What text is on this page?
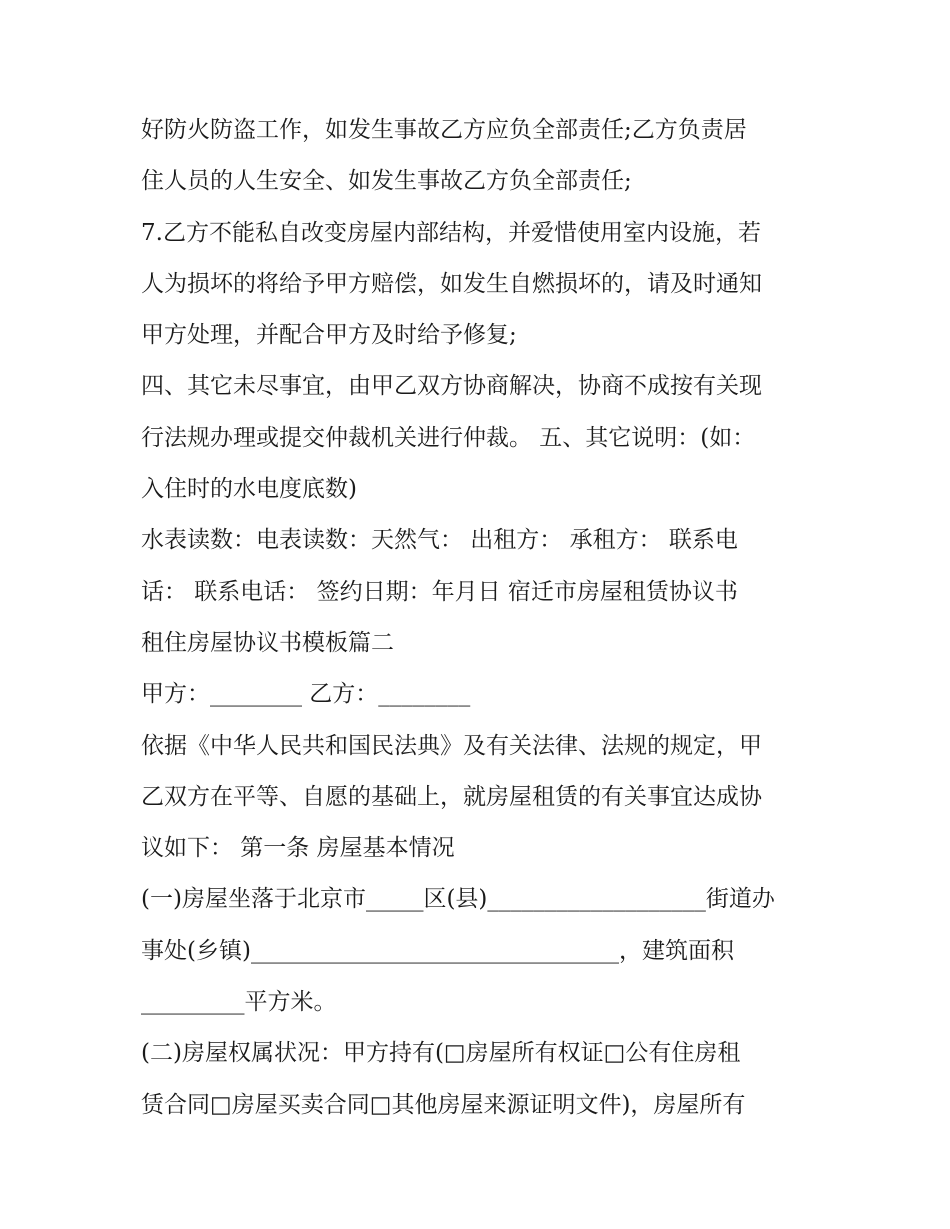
好防火防盗工作，如发生事故乙方应负全部责任;乙方负责居
住人员的人生安全、如发生事故乙方负全部责任;
7.乙方不能私自改变房屋内部结构，并爱惜使用室内设施，若
人为损坏的将给予甲方赔偿，如发生自燃损坏的，请及时通知
甲方处理，并配合甲方及时给予修复;
四、其它未尽事宜，由甲乙双方协商解决，协商不成按有关现
行法规办理或提交仲裁机关进行仲裁。 五、其它说明：(如：
入住时的水电度底数)
水表读数：电表读数：天然气： 出租方： 承租方： 联系电
话： 联系电话： 签约日期：年月日 宿迁市房屋租赁协议书
租住房屋协议书模板篇二
甲方：________ 乙方：________
依据《中华人民共和国民法典》及有关法律、法规的规定，甲
乙双方在平等、自愿的基础上，就房屋租赁的有关事宜达成协
议如下： 第一条 房屋基本情况
(一)房屋坐落于北京市_____区(县)___________________街道办
事处(乡镇)________________________________，建筑面积
_________平方米。
(二)房屋权属状况：甲方持有(□房屋所有权证□公有住房租
赁合同□房屋买卖合同□其他房屋来源证明文件)，房屋所有
